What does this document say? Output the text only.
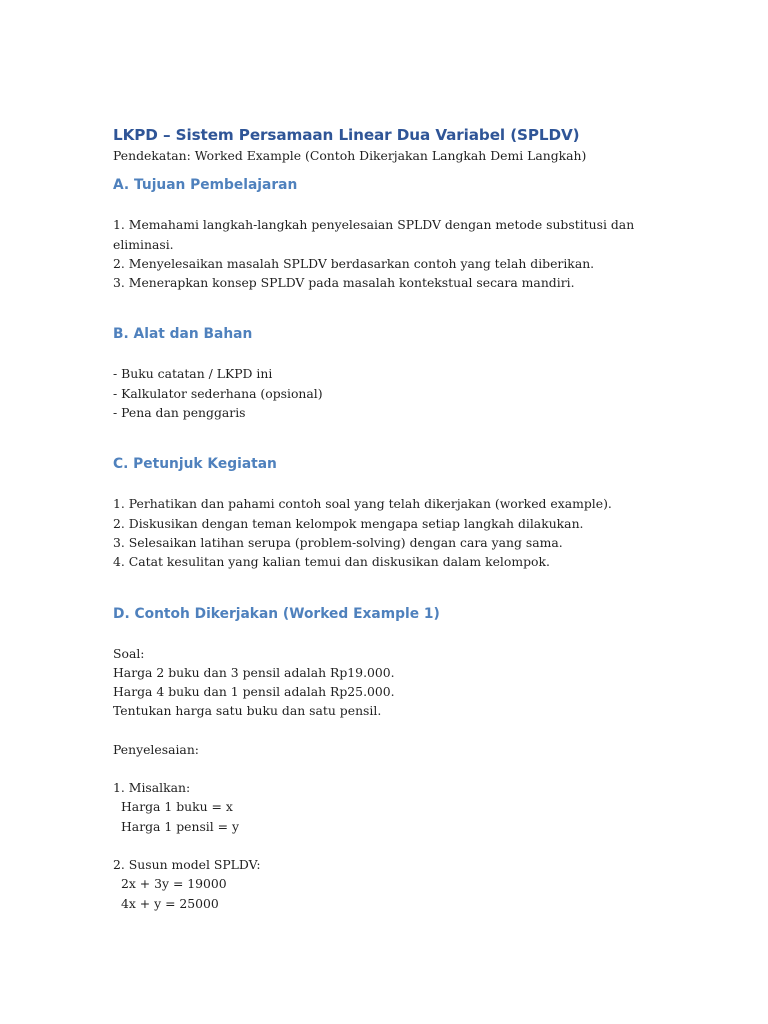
LKPD – Sistem Persamaan Linear Dua Variabel (SPLDV)

Pendekatan: Worked Example (Contoh Dikerjakan Langkah Demi Langkah)

A. Tujuan Pembelajaran
1. Memahami langkah-langkah penyelesaian SPLDV dengan metode substitusi dan
eliminasi.
2. Menyelesaikan masalah SPLDV berdasarkan contoh yang telah diberikan.
3. Menerapkan konsep SPLDV pada masalah kontekstual secara mandiri.
B. Alat dan Bahan
- Buku catatan / LKPD ini
- Kalkulator sederhana (opsional)
- Pena dan penggaris
C. Petunjuk Kegiatan
1. Perhatikan dan pahami contoh soal yang telah dikerjakan (worked example).
2. Diskusikan dengan teman kelompok mengapa setiap langkah dilakukan.
3. Selesaikan latihan serupa (problem-solving) dengan cara yang sama.
4. Catat kesulitan yang kalian temui dan diskusikan dalam kelompok.
D. Contoh Dikerjakan (Worked Example 1)

Soal:

Harga 2 buku dan 3 pensil adalah Rp19.000.
Harga 4 buku dan 1 pensil adalah Rp25.000.
Tentukan harga satu buku dan satu pensil.

Penyelesaian:

1. Misalkan:

Harga 1 buku = x
Harga 1 pensil = y

2. Susun model SPLDV:

2x + 3y = 19000
4x + y = 25000
